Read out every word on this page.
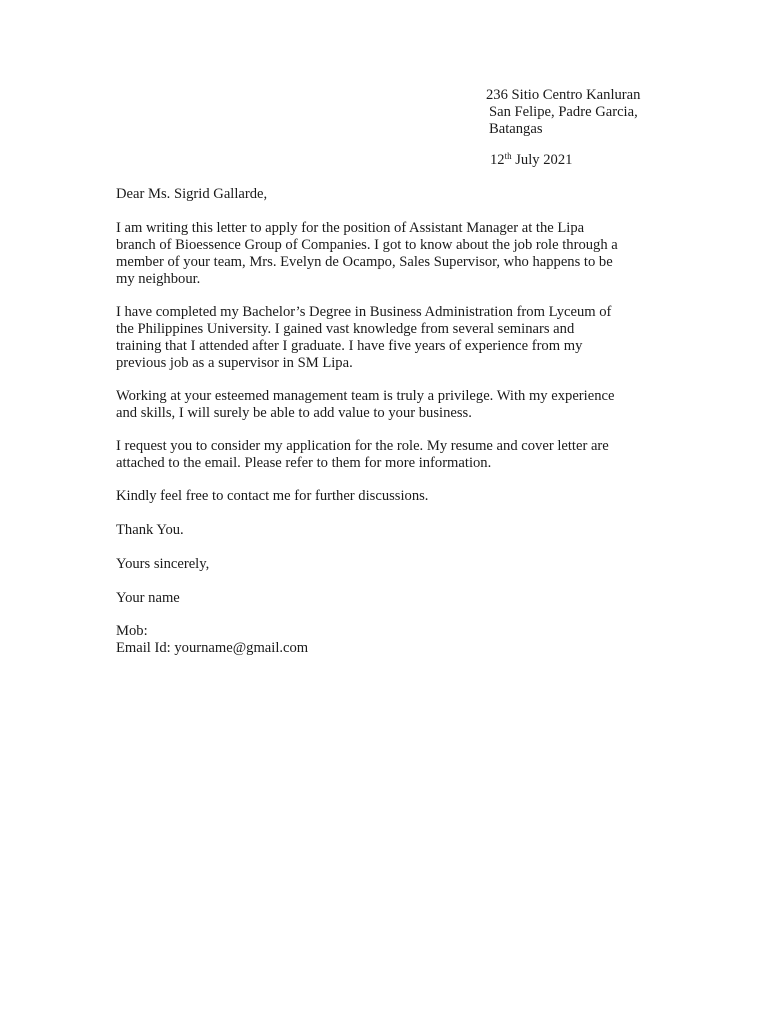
236 Sitio Centro Kanluran
San Felipe, Padre Garcia,
Batangas
12th July 2021
Dear Ms. Sigrid Gallarde,
I am writing this letter to apply for the position of Assistant Manager at the Lipa
branch of Bioessence Group of Companies. I got to know about the job role through a
member of your team, Mrs. Evelyn de Ocampo, Sales Supervisor, who happens to be
my neighbour.
I have completed my Bachelor’s Degree in Business Administration from Lyceum of
the Philippines University. I gained vast knowledge from several seminars and
training that I attended after I graduate. I have five years of experience from my
previous job as a supervisor in SM Lipa.
Working at your esteemed management team is truly a privilege. With my experience
and skills, I will surely be able to add value to your business.
I request you to consider my application for the role. My resume and cover letter are
attached to the email. Please refer to them for more information.
Kindly feel free to contact me for further discussions.
Thank You.
Yours sincerely,
Your name
Mob:
Email Id: yourname@gmail.com
